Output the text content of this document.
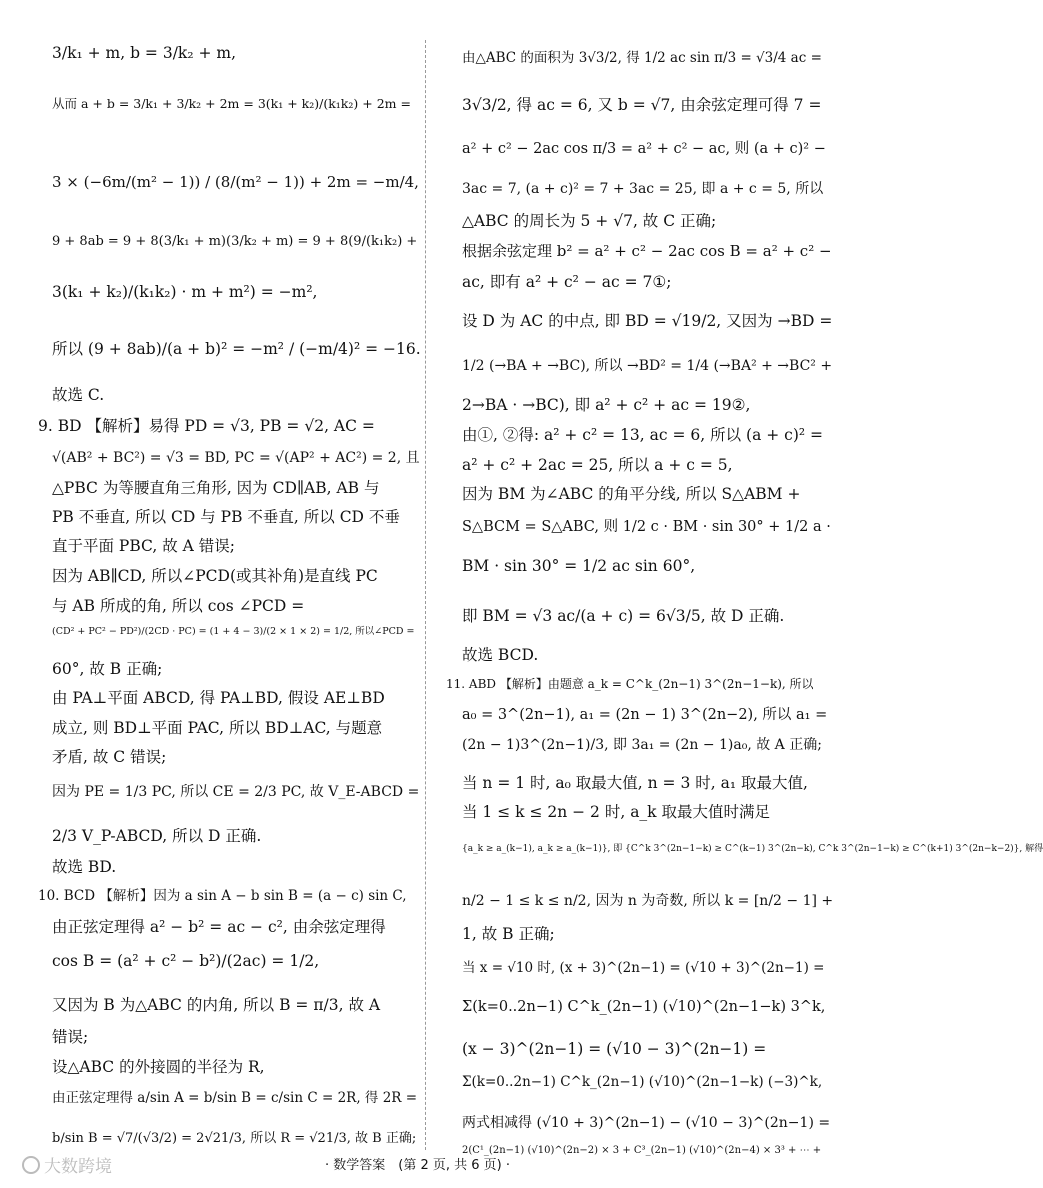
3/k₁ + m, b = 3/k₂ + m,
从而 a + b = 3/k₁ + 3/k₂ + 2m = 3(k₁ + k₂)/(k₁k₂) + 2m =
3 × (−6m/(m² − 1)) / (8/(m² − 1)) + 2m = −m/4,
9 + 8ab = 9 + 8(3/k₁ + m)(3/k₂ + m) = 9 + 8(9/(k₁k₂) +
3(k₁ + k₂)/(k₁k₂) · m + m²) = −m²,
所以 (9 + 8ab)/(a + b)² = −m² / (−m/4)² = −16.
故选 C.
9. BD 【解析】易得 PD = √3, PB = √2, AC =
√(AB² + BC²) = √3 = BD, PC = √(AP² + AC²) = 2, 且
△PBC 为等腰直角三角形, 因为 CD∥AB, AB 与
PB 不垂直, 所以 CD 与 PB 不垂直, 所以 CD 不垂
直于平面 PBC, 故 A 错误;
因为 AB∥CD, 所以∠PCD(或其补角)是直线 PC
与 AB 所成的角, 所以 cos ∠PCD =
(CD² + PC² − PD²)/(2CD · PC) = (1 + 4 − 3)/(2 × 1 × 2) = 1/2, 所以∠PCD =
60°, 故 B 正确;
由 PA⊥平面 ABCD, 得 PA⊥BD, 假设 AE⊥BD
成立, 则 BD⊥平面 PAC, 所以 BD⊥AC, 与题意
矛盾, 故 C 错误;
因为 PE = 1/3 PC, 所以 CE = 2/3 PC, 故 V_E-ABCD =
2/3 V_P-ABCD, 所以 D 正确.
故选 BD.
10. BCD 【解析】因为 a sin A − b sin B = (a − c) sin C,
由正弦定理得 a² − b² = ac − c², 由余弦定理得
cos B = (a² + c² − b²)/(2ac) = 1/2,
又因为 B 为△ABC 的内角, 所以 B = π/3, 故 A
错误;
设△ABC 的外接圆的半径为 R,
由正弦定理得 a/sin A = b/sin B = c/sin C = 2R, 得 2R =
b/sin B = √7/(√3/2) = 2√21/3, 所以 R = √21/3, 故 B 正确;
由△ABC 的面积为 3√3/2, 得 1/2 ac sin π/3 = √3/4 ac =
3√3/2, 得 ac = 6, 又 b = √7, 由余弦定理可得 7 =
a² + c² − 2ac cos π/3 = a² + c² − ac, 则 (a + c)² −
3ac = 7, (a + c)² = 7 + 3ac = 25, 即 a + c = 5, 所以
△ABC 的周长为 5 + √7, 故 C 正确;
根据余弦定理 b² = a² + c² − 2ac cos B = a² + c² −
ac, 即有 a² + c² − ac = 7①;
设 D 为 AC 的中点, 即 BD = √19/2, 又因为 →BD =
1/2 (→BA + →BC), 所以 →BD² = 1/4 (→BA² + →BC² +
2→BA · →BC), 即 a² + c² + ac = 19②,
由①, ②得: a² + c² = 13, ac = 6, 所以 (a + c)² =
a² + c² + 2ac = 25, 所以 a + c = 5,
因为 BM 为∠ABC 的角平分线, 所以 S△ABM +
S△BCM = S△ABC, 则 1/2 c · BM · sin 30° + 1/2 a ·
BM · sin 30° = 1/2 ac sin 60°,
即 BM = √3 ac/(a + c) = 6√3/5, 故 D 正确.
故选 BCD.
11. ABD 【解析】由题意 a_k = C^k_(2n−1) 3^(2n−1−k), 所以
a₀ = 3^(2n−1), a₁ = (2n − 1) 3^(2n−2), 所以 a₁ =
(2n − 1)3^(2n−1)/3, 即 3a₁ = (2n − 1)a₀, 故 A 正确;
当 n = 1 时, a₀ 取最大值, n = 3 时, a₁ 取最大值,
当 1 ≤ k ≤ 2n − 2 时, a_k 取最大值时满足
{a_k ≥ a_(k−1), a_k ≥ a_(k−1)}, 即 {C^k 3^(2n−1−k) ≥ C^(k−1) 3^(2n−k), C^k 3^(2n−1−k) ≥ C^(k+1) 3^(2n−k−2)}, 解得
n/2 − 1 ≤ k ≤ n/2, 因为 n 为奇数, 所以 k = [n/2 − 1] +
1, 故 B 正确;
当 x = √10 时, (x + 3)^(2n−1) = (√10 + 3)^(2n−1) =
Σ(k=0..2n−1) C^k_(2n−1) (√10)^(2n−1−k) 3^k,
(x − 3)^(2n−1) = (√10 − 3)^(2n−1) =
Σ(k=0..2n−1) C^k_(2n−1) (√10)^(2n−1−k) (−3)^k,
两式相减得 (√10 + 3)^(2n−1) − (√10 − 3)^(2n−1) =
2(C¹_(2n−1) (√10)^(2n−2) × 3 + C³_(2n−1) (√10)^(2n−4) × 3³ + ⋯ +
· 数学答案　(第 2 页, 共 6 页) ·
大数跨境
